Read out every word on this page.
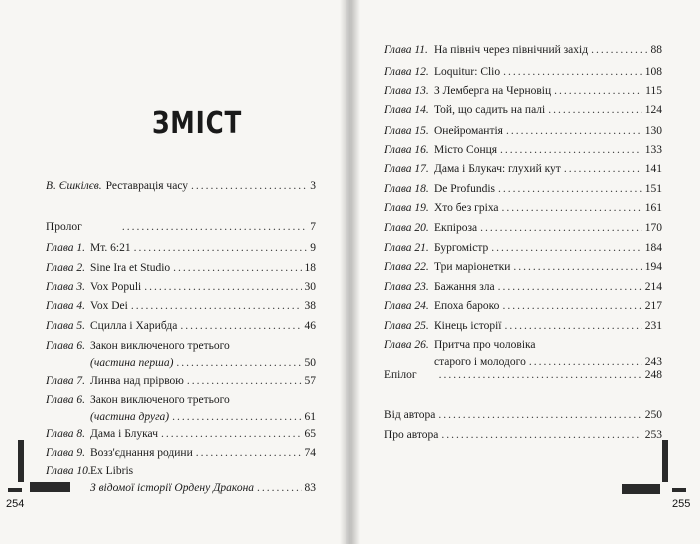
ЗМІСТ
В. Єшкілєв. Реставрація часу .....	3
Пролог .....	7
Глава 1. Мт. 6:21 .....	9
Глава 2. Sine Ira et Studio .....	18
Глава 3. Vox Populi .....	30
Глава 4. Vox Dei .....	38
Глава 5. Сцилла і Харибда .....	46
Глава 6. Закон виключеного третього
(частина перша) .....	50
Глава 7. Линва над прірвою .....	57
Глава 6. Закон виключеного третього
(частина друга) .....	61
Глава 8. Дама і Блукач .....	65
Глава 9. Возз'єднання родини .....	74
Глава 10. Ex Libris
З відомої історії Ордену Дракона .....	83
254
Глава 11. На північ через північний захід .....	88
Глава 12. Loquitur: Clio .....	108
Глава 13. З Лемберга на Черновіц .....	115
Глава 14. Той, що садить на палі .....	124
Глава 15. Онейромантія .....	130
Глава 16. Місто Сонця .....	133
Глава 17. Дама і Блукач: глухий кут .....	141
Глава 18. De Profundis .....	151
Глава 19. Хто без гріха .....	161
Глава 20. Екпіроза .....	170
Глава 21. Бургомістр .....	184
Глава 22. Три маріонетки .....	194
Глава 23. Бажання зла .....	214
Глава 24. Епоха бароко .....	217
Глава 25. Кінець історії .....	231
Глава 26. Притча про чоловіка
старого і молодого .....	243
Епілог .....	248
Від автора .....	250
Про автора .....	253
255
